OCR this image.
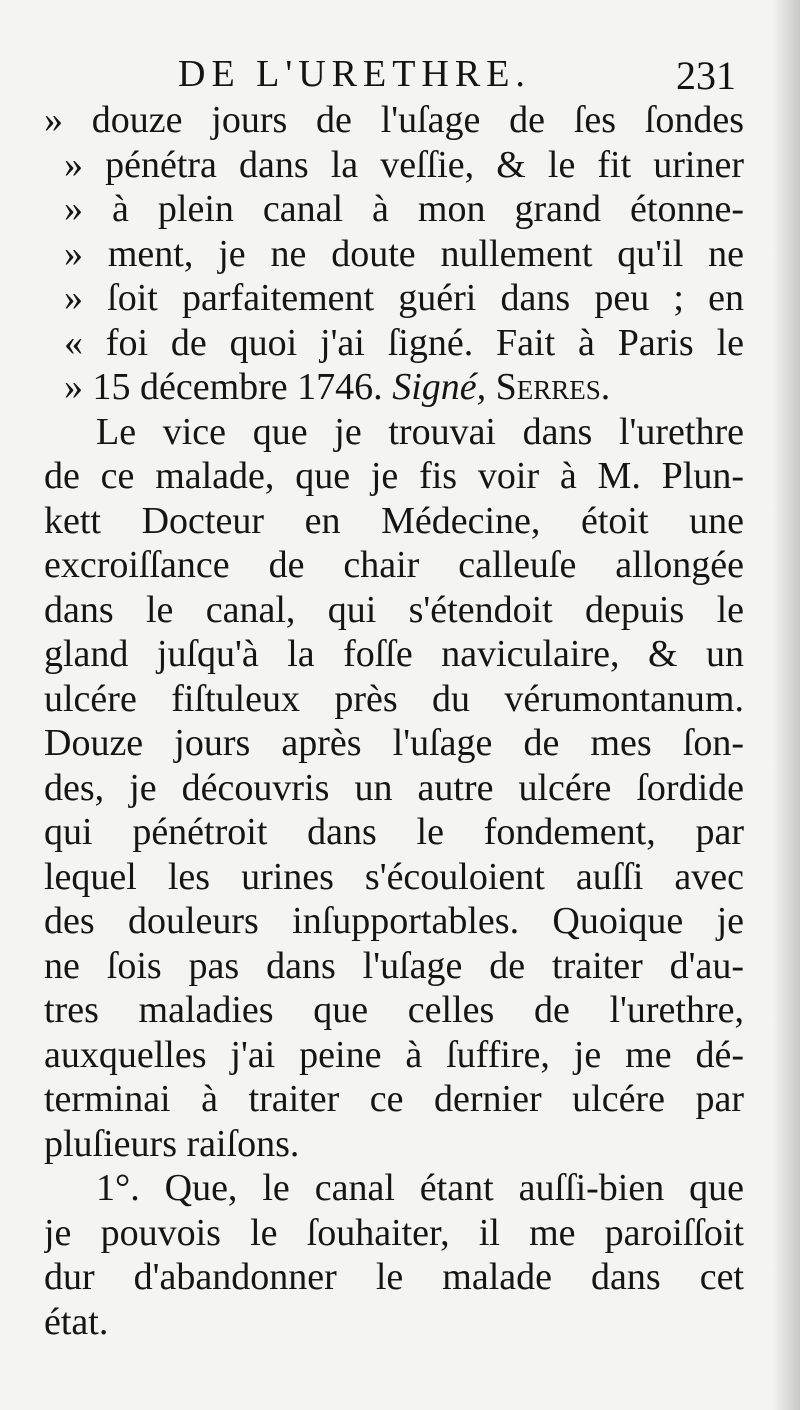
DE L'URETHRE.	231
» douze jours de l'uſage de ſes ſondes
» pénétra dans la veſſie, & le fit uriner
» à plein canal à mon grand étonne-
» ment, je ne doute nullement qu'il ne
» ſoit parfaitement guéri dans peu ; en
« foi de quoi j'ai ſigné. Fait à Paris le
» 15 décembre 1746. Signé, Serres.
Le vice que je trouvai dans l'urethre
de ce malade, que je fis voir à M. Plun-
kett Docteur en Médecine, étoit une
excroiſſance de chair calleuſe allongée
dans le canal, qui s'étendoit depuis le
gland juſqu'à la foſſe naviculaire, & un
ulcére fiſtuleux près du vérumontanum.
Douze jours après l'uſage de mes ſon-
des, je découvris un autre ulcére ſordide
qui pénétroit dans le fondement, par
lequel les urines s'écouloient auſſi avec
des douleurs inſupportables. Quoique je
ne ſois pas dans l'uſage de traiter d'au-
tres maladies que celles de l'urethre,
auxquelles j'ai peine à ſuffire, je me dé-
terminai à traiter ce dernier ulcére par
pluſieurs raiſons.
1°. Que, le canal étant auſſi-bien que
je pouvois le ſouhaiter, il me paroiſſoit
dur d'abandonner le malade dans cet
état.
